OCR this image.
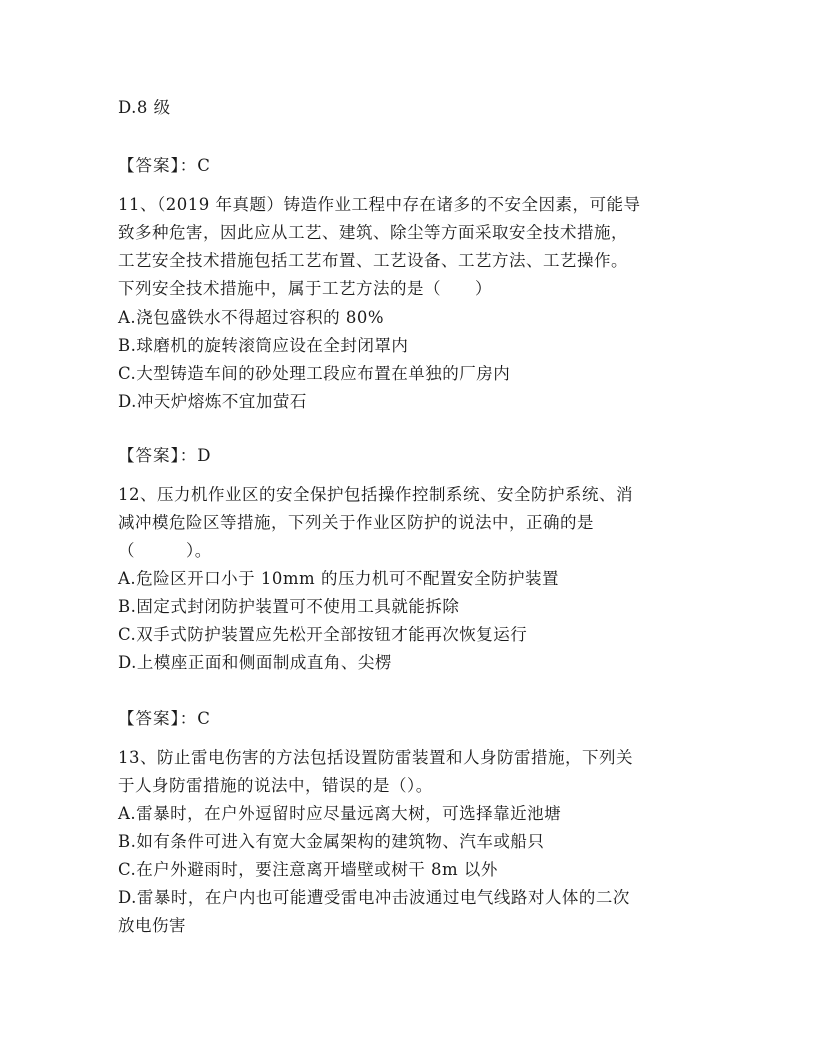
D.8 级
【答案】：C
11、（2019 年真题）铸造作业工程中存在诸多的不安全因素，可能导
致多种危害，因此应从工艺、建筑、除尘等方面采取安全技术措施，
工艺安全技术措施包括工艺布置、工艺设备、工艺方法、工艺操作。
下列安全技术措施中，属于工艺方法的是（　　）
A.浇包盛铁水不得超过容积的 80%
B.球磨机的旋转滚筒应设在全封闭罩内
C.大型铸造车间的砂处理工段应布置在单独的厂房内
D.冲天炉熔炼不宜加萤石
【答案】：D
12、压力机作业区的安全保护包括操作控制系统、安全防护系统、消
减冲模危险区等措施，下列关于作业区防护的说法中，正确的是
（　　　）。
A.危险区开口小于 10mm 的压力机可不配置安全防护装置
B.固定式封闭防护装置可不使用工具就能拆除
C.双手式防护装置应先松开全部按钮才能再次恢复运行
D.上模座正面和侧面制成直角、尖楞
【答案】：C
13、防止雷电伤害的方法包括设置防雷装置和人身防雷措施，下列关
于人身防雷措施的说法中，错误的是（）。
A.雷暴时，在户外逗留时应尽量远离大树，可选择靠近池塘
B.如有条件可进入有宽大金属架构的建筑物、汽车或船只
C.在户外避雨时，要注意离开墙壁或树干 8m 以外
D.雷暴时，在户内也可能遭受雷电冲击波通过电气线路对人体的二次
放电伤害
